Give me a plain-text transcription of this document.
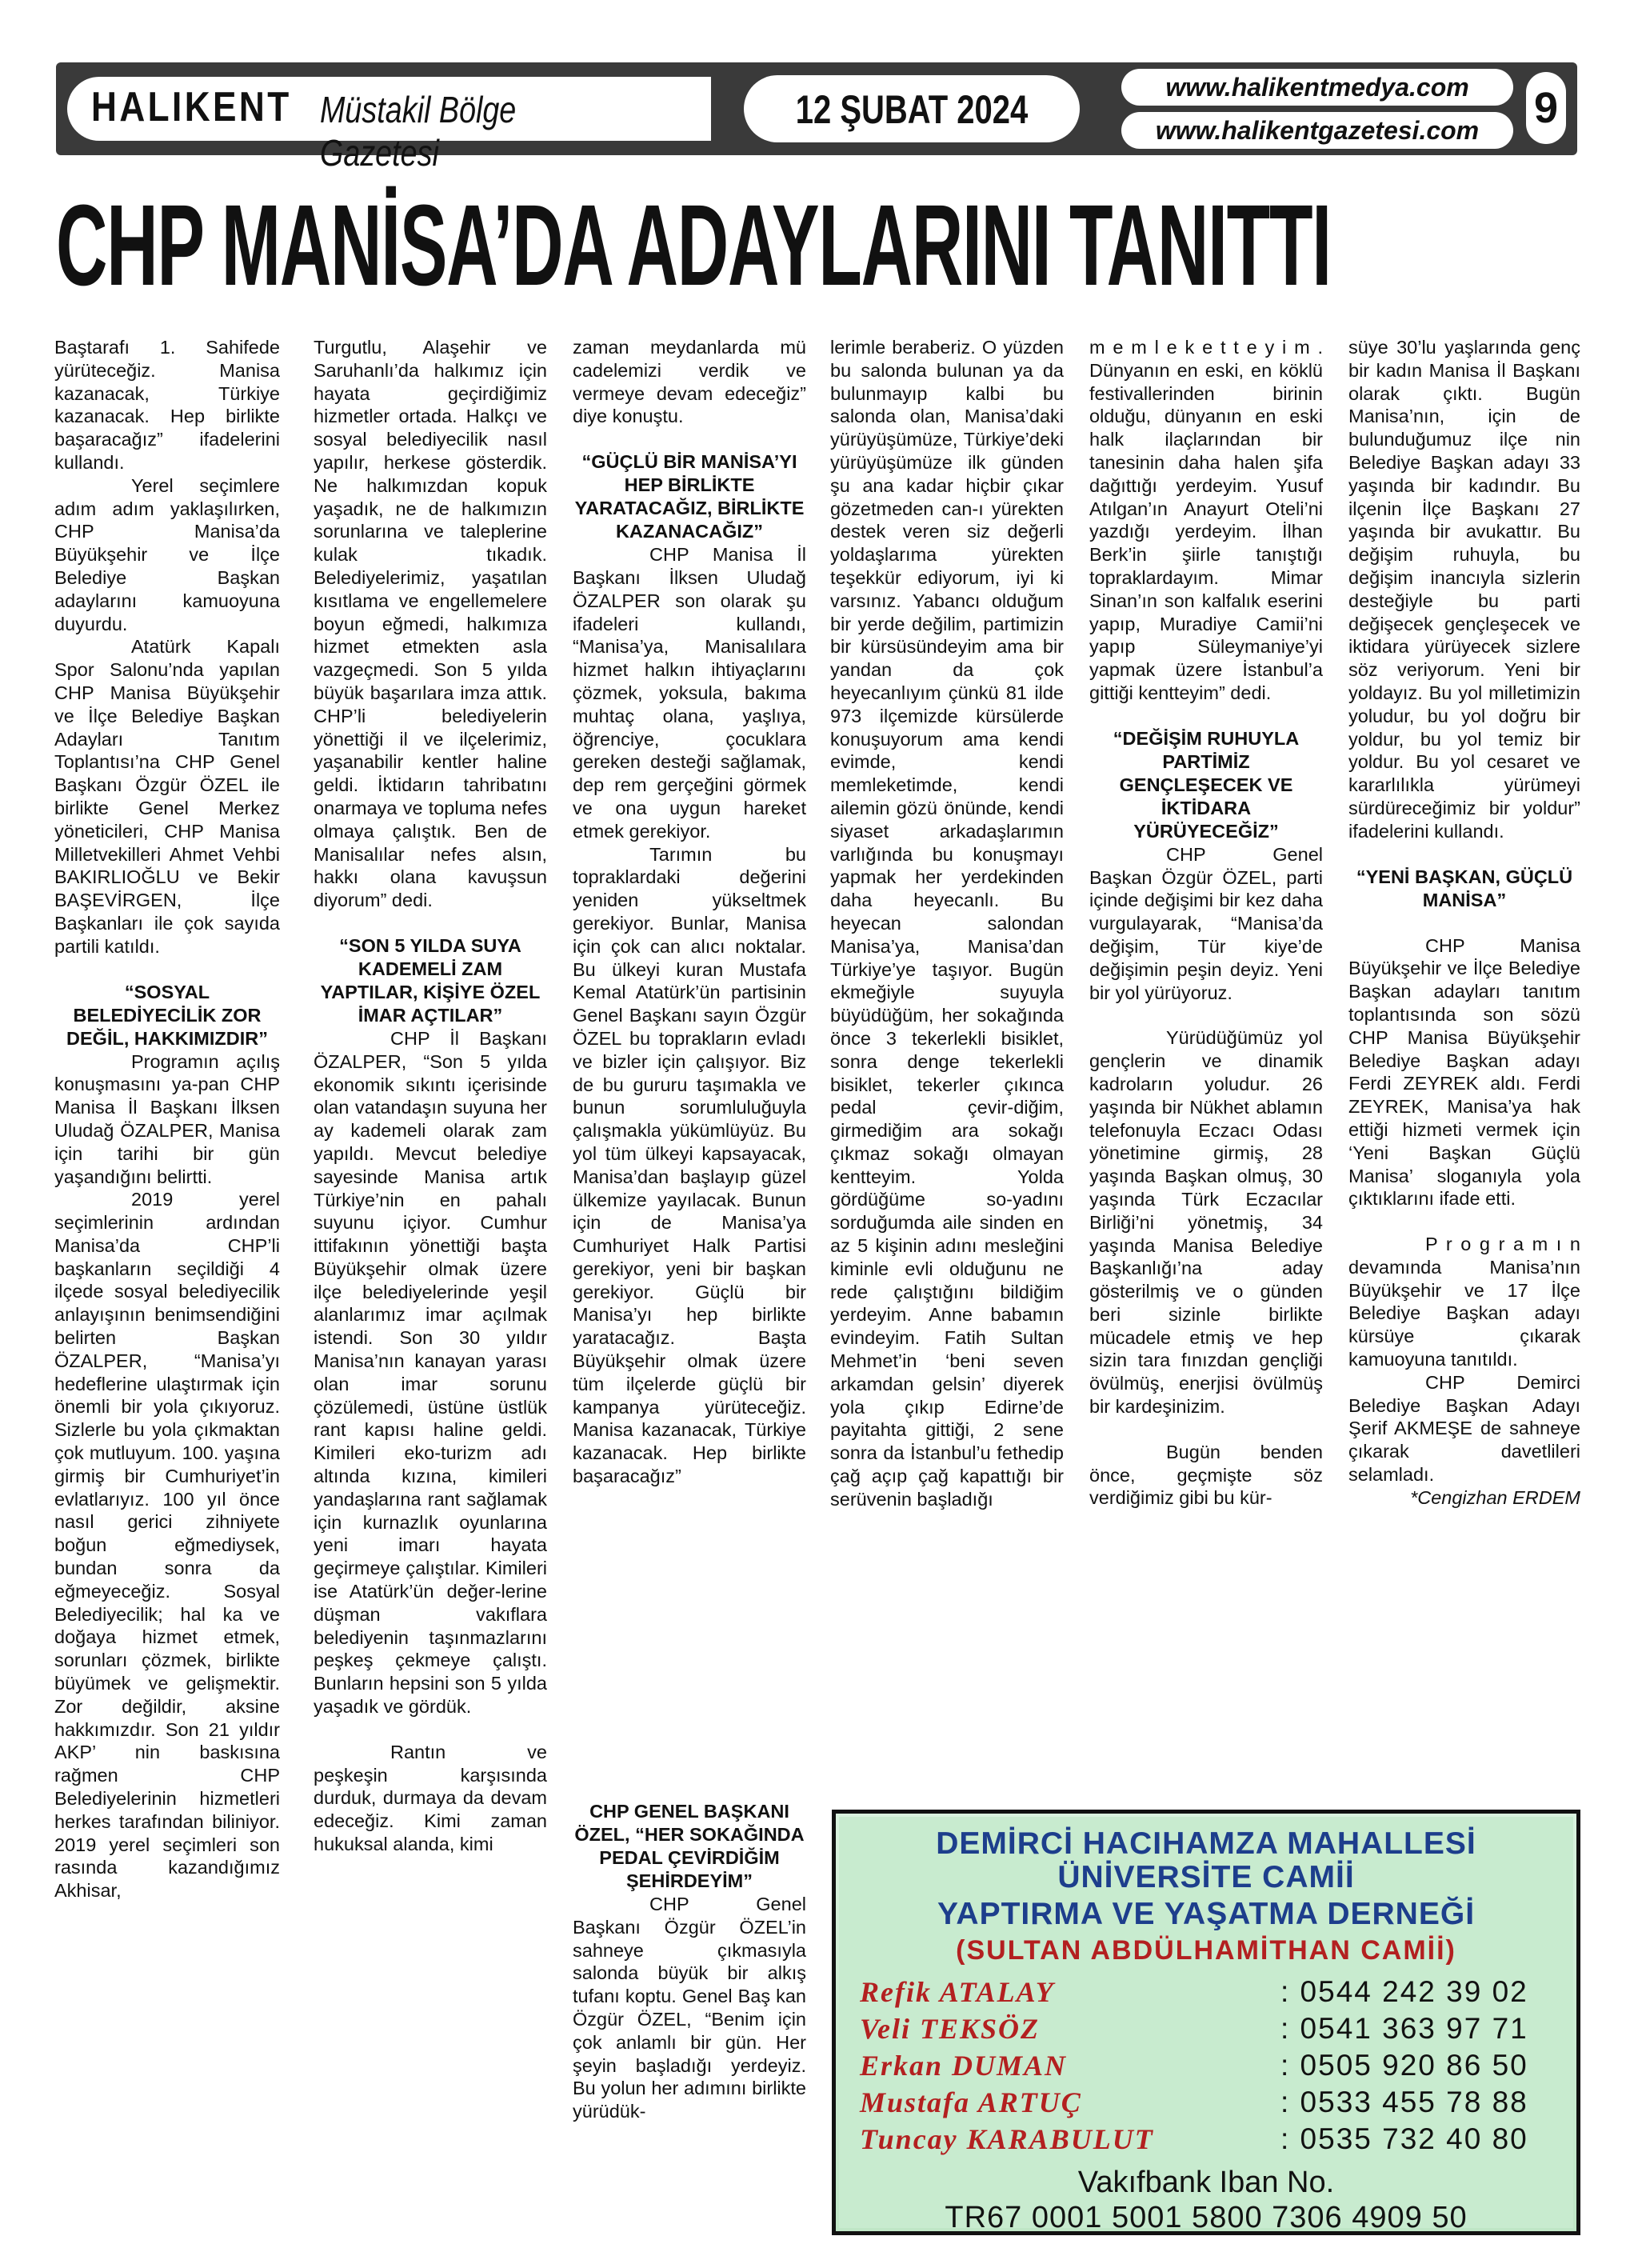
HALIKENT Müstakil Bölge Gazetesi
12 ŞUBAT 2024	www.halikentmedya.com
www.halikentgazetesi.com	9
CHP MANİSA’DA ADAYLARINI TANITTI

Baştarafı 1. Sahifede yürüteceğiz. Manisa kazanacak, Türkiye kazanacak. Hep birlikte başaracağız” ifadelerini kullandı.

Yerel seçimlere adım adım yaklaşılırken, CHP Manisa’da Büyükşehir ve İlçe Belediye Başkan adaylarını kamuoyuna duyurdu.

Atatürk Kapalı Spor Salonu’nda yapılan CHP Manisa Büyükşehir ve İlçe Belediye Başkan Adayları Tanıtım Toplantısı’na CHP Genel Başkanı Özgür ÖZEL ile birlikte Genel Merkez yöneticileri, CHP Manisa Milletvekilleri Ahmet Vehbi BAKIRLIOĞLU ve Bekir BAŞEVİRGEN, İlçe Başkanları ile çok sayıda partili katıldı.

“SOSYAL BELEDİYECİLİK ZOR DEĞİL, HAKKIMIZDIR”

Programın açılış konuşmasını ya-pan CHP Manisa İl Başkanı İlksen Uludağ ÖZALPER, Manisa için tarihi bir gün yaşandığını belirtti.

2019 yerel seçimlerinin ardından Manisa’da CHP’li başkanların seçildiği 4 ilçede sosyal belediyecilik anlayışının benimsendiğini belirten Başkan ÖZALPER, “Manisa’yı hedeflerine ulaştırmak için önemli bir yola çıkıyoruz. Sizlerle bu yola çıkmaktan çok mutluyum. 100. yaşına girmiş bir Cumhuriyet’in evlatlarıyız. 100 yıl önce nasıl gerici zihniyete boğun eğmediysek, bundan sonra da eğmeyeceğiz. Sosyal Belediyecilik; hal ka ve doğaya hizmet etmek, sorunları çözmek, birlikte büyümek ve gelişmektir. Zor değildir, aksine hakkımızdır. Son 21 yıldır AKP’ nin baskısına rağmen CHP Belediyelerinin hizmetleri herkes tarafından biliniyor. 2019 yerel seçimleri son rasında kazandığımız Akhisar,

Turgutlu, Alaşehir ve Saruhanlı’da halkımız için hayata geçirdiğimiz hizmetler ortada. Halkçı ve sosyal belediyecilik nasıl yapılır, herkese gösterdik. Ne halkımızdan kopuk yaşadık, ne de halkımızın sorunlarına ve taleplerine kulak tıkadık. Belediyelerimiz, yaşatılan kısıtlama ve engellemelere boyun eğmedi, halkımıza hizmet etmekten asla vazgeçmedi. Son 5 yılda büyük başarılara imza attık. CHP’li belediyelerin yönettiği il ve ilçelerimiz, yaşanabilir kentler haline geldi. İktidarın tahribatını onarmaya ve topluma nefes olmaya çalıştık. Ben de Manisalılar nefes alsın, hakkı olana kavuşsun diyorum” dedi.

“SON 5 YILDA SUYA KADEMELİ ZAM YAPTILAR, KİŞİYE ÖZEL İMAR AÇTILAR”

CHP İl Başkanı ÖZALPER, “Son 5 yılda ekonomik sıkıntı içerisinde olan vatandaşın suyuna her ay kademeli olarak zam yapıldı. Mevcut belediye sayesinde Manisa artık Türkiye’nin en pahalı suyunu içiyor. Cumhur ittifakının yönettiği başta Büyükşehir olmak üzere ilçe belediyelerinde yeşil alanlarımız imar açılmak istendi. Son 30 yıldır Manisa’nın kanayan yarası olan imar sorunu çözülemedi, üstüne üstlük rant kapısı haline geldi. Kimileri eko-turizm adı altında kızına, kimileri yandaşlarına rant sağlamak için kurnazlık oyunlarına yeni imarı hayata geçirmeye çalıştılar. Kimileri ise Atatürk’ün değer-lerine düşman vakıflara belediyenin taşınmazlarını peşkeş çekmeye çalıştı. Bunların hepsini son 5 yılda yaşadık ve gördük.

Rantın ve peşkeşin karşısında durduk, durmaya da devam edeceğiz. Kimi zaman hukuksal alanda, kimi

zaman meydanlarda mü cadelemizi verdik ve vermeye devam edeceğiz” diye konuştu.

“GÜÇLÜ BİR MANİSA’YI HEP BİRLİKTE YARATACAĞIZ, BİRLİKTE KAZANACAĞIZ”

CHP Manisa İl Başkanı İlksen Uludağ ÖZALPER son olarak şu ifadeleri kullandı, “Manisa’ya, Manisalılara hizmet halkın ihtiyaçlarını çözmek, yoksula, bakıma muhtaç olana, yaşlıya, öğrenciye, çocuklara gereken desteği sağlamak, dep rem gerçeğini görmek ve ona uygun hareket etmek gerekiyor.

Tarımın bu topraklardaki değerini yeniden yükseltmek gerekiyor. Bunlar, Manisa için çok can alıcı noktalar. Bu ülkeyi kuran Mustafa Kemal Atatürk’ün partisinin Genel Başkanı sayın Özgür ÖZEL bu toprakların evladı ve bizler için çalışıyor. Biz de bu gururu taşımakla ve bunun sorumluluğuyla çalışmakla yükümlüyüz. Bu yol tüm ülkeyi kapsayacak, Manisa’dan başlayıp güzel ülkemize yayılacak. Bunun için de Manisa’ya Cumhuriyet Halk Partisi gerekiyor, yeni bir başkan gerekiyor. Güçlü bir Manisa’yı hep birlikte yaratacağız. Başta Büyükşehir olmak üzere tüm ilçelerde güçlü bir kampanya yürüteceğiz. Manisa kazanacak, Türkiye kazanacak. Hep birlikte başaracağız”

CHP GENEL BAŞKANI ÖZEL, “HER SOKAĞINDA PEDAL ÇEVİRDİĞİM ŞEHİRDEYİM”

CHP Genel Başkanı Özgür ÖZEL’in sahneye çıkmasıyla salonda büyük bir alkış tufanı koptu. Genel Baş kan Özgür ÖZEL, “Benim için çok anlamlı bir gün. Her şeyin başladığı yerdeyiz. Bu yolun her adımını birlikte yürüdük-

lerimle beraberiz. O yüzden bu salonda bulunan ya da bulunmayıp kalbi bu salonda olan, Manisa’daki yürüyüşümüze, Türkiye’deki yürüyüşümüze ilk günden şu ana kadar hiçbir çıkar gözetmeden can-ı yürekten destek veren siz değerli yoldaşlarıma yürekten teşekkür ediyorum, iyi ki varsınız. Yabancı olduğum bir yerde değilim, partimizin bir kürsüsündeyim ama bir yandan da çok heyecanlıyım çünkü 81 ilde 973 ilçemizde kürsülerde konuşuyorum ama kendi evimde, kendi memleketimde, kendi ailemin gözü önünde, kendi siyaset arkadaşlarımın varlığında bu konuşmayı yapmak her yerdekinden daha heyecanlı. Bu heyecan salondan Manisa’ya, Manisa’dan Türkiye’ye taşıyor. Bugün ekmeğiyle suyuyla büyüdüğüm, her sokağında önce 3 tekerlekli bisiklet, sonra denge tekerlekli bisiklet, tekerler çıkınca pedal çevir-diğim, girmediğim ara sokağı çıkmaz sokağı olmayan kentteyim. Yolda gördüğüme so-yadını sorduğumda aile sinden en az 5 kişinin adını mesleğini kiminle evli olduğunu ne rede çalıştığını bildiğim yerdeyim. Anne babamın evindeyim. Fatih Sultan Mehmet’in ‘beni seven arkamdan gelsin’ diyerek yola çıkıp Edirne’de payitahta gittiği, 2 sene sonra da İstanbul’u fethedip çağ açıp çağ kapattığı bir serüvenin başladığı

m e m l e k e t t e y i m . Dünyanın en eski, en köklü festivallerinden birinin olduğu, dünyanın en eski halk ilaçlarından bir tanesinin daha halen şifa dağıttığı yerdeyim. Yusuf Atılgan’ın Anayurt Oteli’ni yazdığı yerdeyim. İlhan Berk’in şiirle tanıştığı topraklardayım. Mimar Sinan’ın son kalfalık eserini yapıp, Muradiye Camii’ni yapıp Süleymaniye’yi yapmak üzere İstanbul’a gittiği kentteyim” dedi.

“DEĞİŞİM RUHUYLA PARTİMİZ GENÇLEŞECEK VE İKTİDARA YÜRÜYECEĞİZ”

CHP Genel Başkan Özgür ÖZEL, parti içinde değişimi bir kez daha vurgulayarak, “Manisa’da değişim, Tür kiye’de değişimin peşin deyiz. Yeni bir yol yürüyoruz.

Yürüdüğümüz yol gençlerin ve dinamik kadroların yoludur. 26 yaşında bir Nükhet ablamın telefonuyla Eczacı Odası yönetimine girmiş, 28 yaşında Başkan olmuş, 30 yaşında Türk Eczacılar Birliği’ni yönetmiş, 34 yaşında Manisa Belediye Başkanlığı’na aday gösterilmiş ve o günden beri sizinle birlikte mücadele etmiş ve hep sizin tara fınızdan gençliği övülmüş, enerjisi övülmüş bir kardeşinizim.

Bugün benden önce, geçmişte söz verdiğimiz gibi bu kür-

süye 30’lu yaşlarında genç bir kadın Manisa İl Başkanı olarak çıktı. Bugün Manisa’nın, için de bulunduğumuz ilçe nin Belediye Başkan adayı 33 yaşında bir kadındır. Bu ilçenin İlçe Başkanı 27 yaşında bir avukattır. Bu değişim ruhuyla, bu değişim inancıyla sizlerin desteğiyle bu parti değişecek gençleşecek ve iktidara yürüyecek sizlere söz veriyorum. Yeni bir yoldayız. Bu yol milletimizin yoludur, bu yol doğru bir yoldur, bu yol temiz bir yoldur. Bu yol cesaret ve kararlılıkla yürümeyi sürdüreceğimiz bir yoldur” ifadelerini kullandı.

“YENİ BAŞKAN, GÜÇLÜ MANİSA”

CHP Manisa Büyükşehir ve İlçe Belediye Başkan adayları tanıtım toplantısında son sözü CHP Manisa Büyükşehir Belediye Başkan adayı Ferdi ZEYREK aldı. Ferdi ZEYREK, Manisa’ya hak ettiği hizmeti vermek için ‘Yeni Başkan Güçlü Manisa’ sloganıyla yola çıktıklarını ifade etti.

P r o g r a m ı n devamında Manisa’nın Büyükşehir ve 17 İlçe Belediye Başkan adayı kürsüye çıkarak kamuoyuna tanıtıldı.

CHP Demirci Belediye Başkan Adayı Şerif AKMEŞE de sahneye çıkarak davetlileri selamladı.

*Cengizhan ERDEM

DEMİRCİ HACIHAMZA MAHALLESİ
ÜNİVERSİTE CAMİİ
YAPTIRMA VE YAŞATMA DERNEĞİ
(SULTAN ABDÜLHAMİTHAN CAMİİ)
Refik ATALAY	: 0544 242 39 02
Veli TEKSÖZ	: 0541 363 97 71
Erkan DUMAN	: 0505 920 86 50
Mustafa ARTUÇ	: 0533 455 78 88
Tuncay KARABULUT	: 0535 732 40 80
Vakıfbank Iban No.
TR67 0001 5001 5800 7306 4909 50
